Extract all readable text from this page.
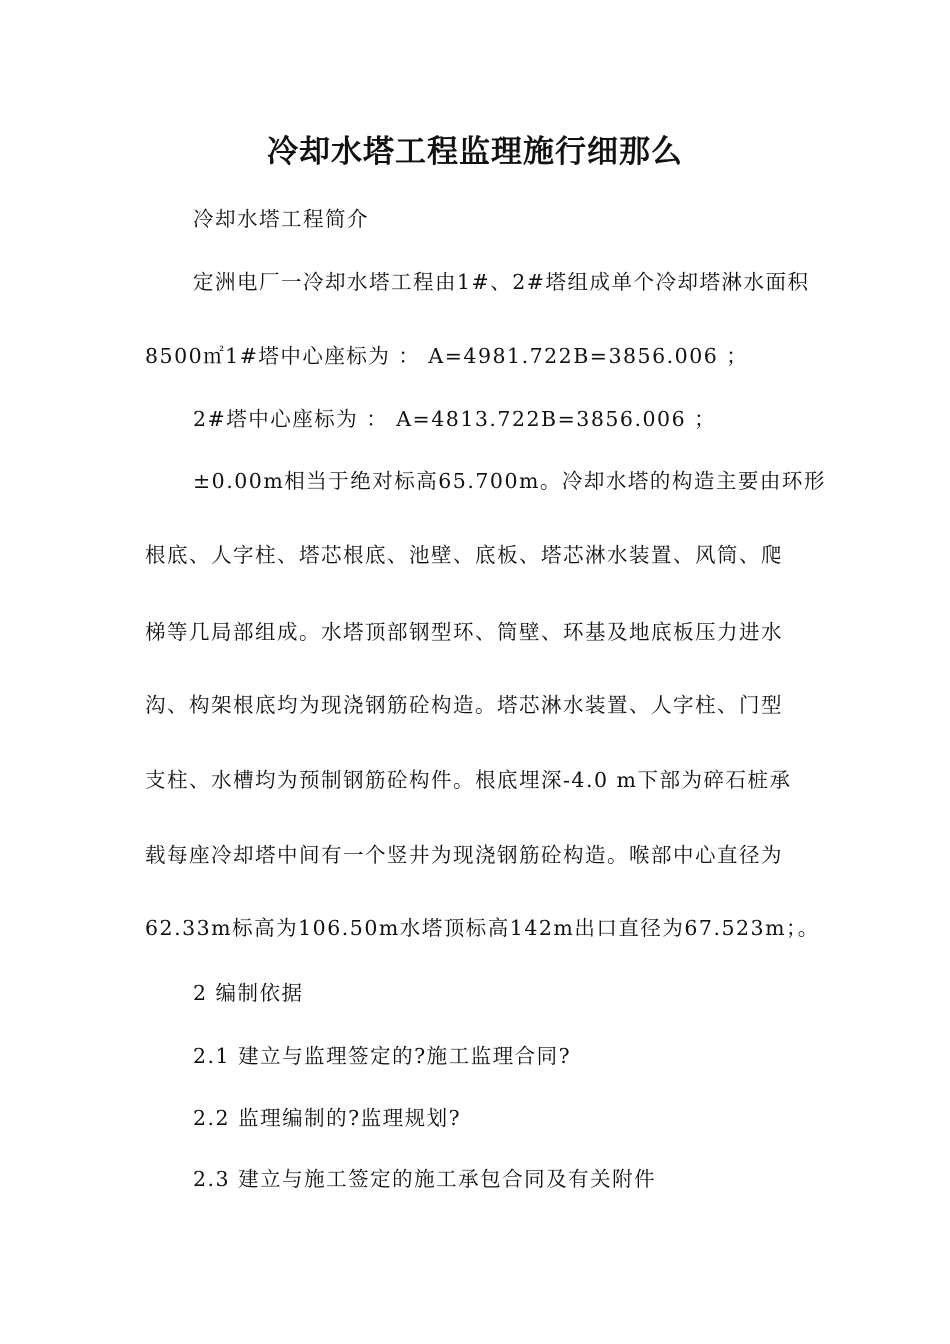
冷却水塔工程监理施行细那么

冷却水塔工程简介

定洲电厂一冷却水塔工程由1#、2#塔组成单个冷却塔淋水面积

8500㎡1#塔中心座标为 ： A=4981.722B=3856.006 ；

2#塔中心座标为 ： A=4813.722B=3856.006 ；

±0.00m相当于绝对标高65.700m。冷却水塔的构造主要由环形

根底、人字柱、塔芯根底、池壁、底板、塔芯淋水装置、风筒、爬

梯等几局部组成。水塔顶部钢型环、筒壁、环基及地底板压力进水

沟、构架根底均为现浇钢筋砼构造。塔芯淋水装置、人字柱、门型

支柱、水槽均为预制钢筋砼构件。根底埋深-4.0 m下部为碎石桩承

载每座冷却塔中间有一个竖井为现浇钢筋砼构造。喉部中心直径为

62.33m标高为106.50m水塔顶标高142m出口直径为67.523m；。

2 编制依据

2.1 建立与监理签定的?施工监理合同?

2.2 监理编制的?监理规划?

2.3 建立与施工签定的施工承包合同及有关附件
